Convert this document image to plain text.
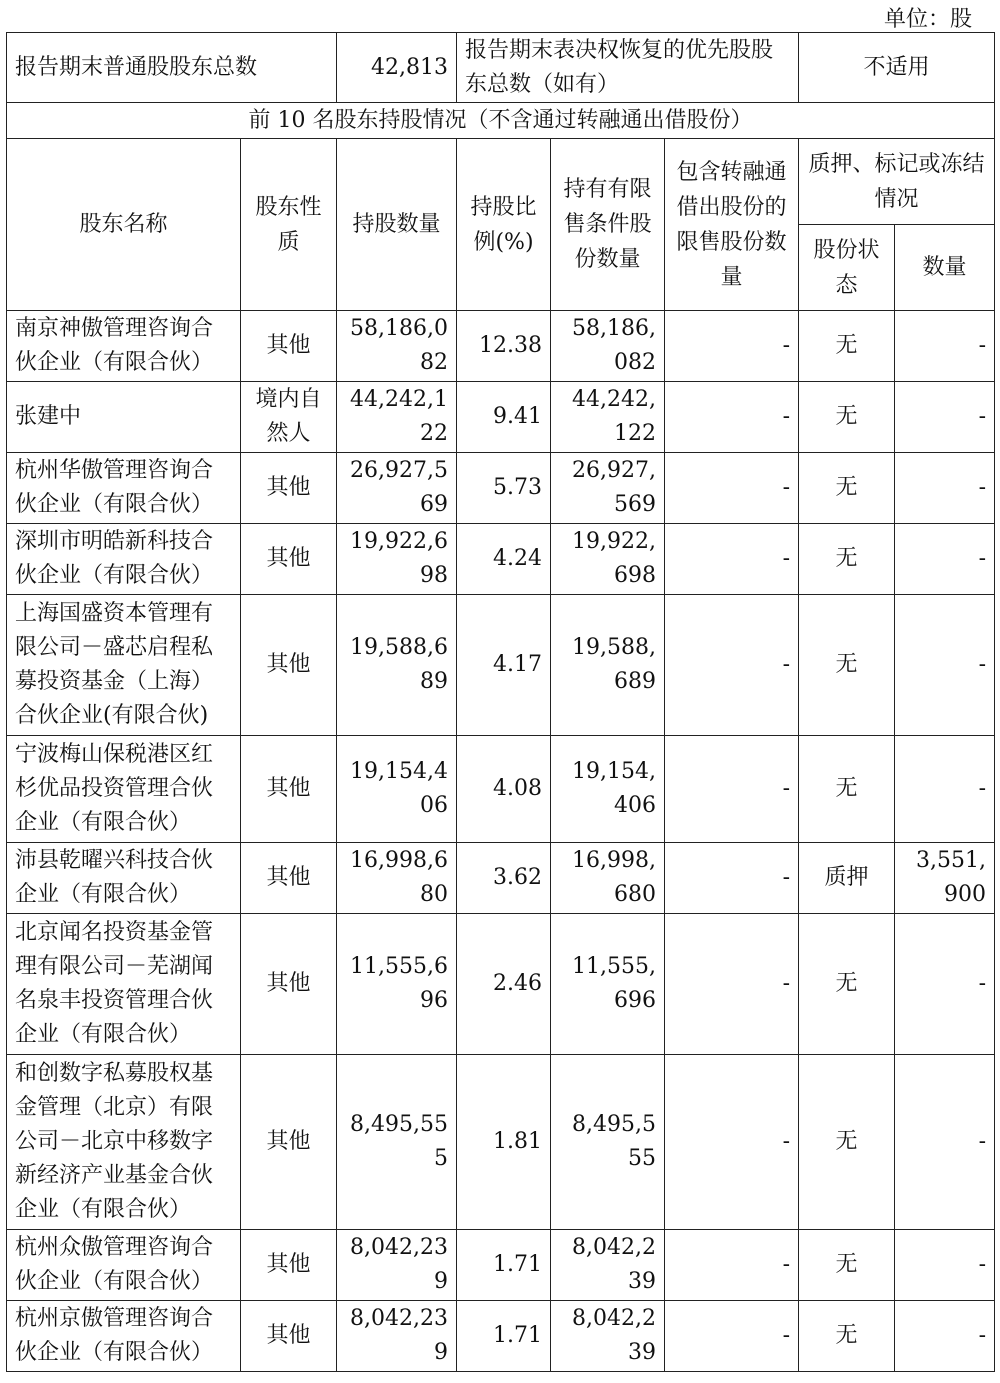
单位：股
报告期末普通股股东总数		42,813	报告期末表决权恢复的优先股股东总数（如有）			不适用	
前 10 名股东持股情况（不含通过转融通出借股份）							
股东名称	股东性质	持股数量	持股比例(%)	持有有限售条件股份数量	包含转融通借出股份的限售股份数量	质押、标记或冻结情况	
						股份状态	数量
南京神傲管理咨询合伙企业（有限合伙）	其他	58,186,082	12.38	58,186,082	-	无	-
张建中	境内自然人	44,242,122	9.41	44,242,122	-	无	-
杭州华傲管理咨询合伙企业（有限合伙）	其他	26,927,569	5.73	26,927,569	-	无	-
深圳市明皓新科技合伙企业（有限合伙）	其他	19,922,698	4.24	19,922,698	-	无	-
上海国盛资本管理有限公司－盛芯启程私募投资基金（上海）合伙企业(有限合伙)	其他	19,588,689	4.17	19,588,689	-	无	-
宁波梅山保税港区红杉优品投资管理合伙企业（有限合伙）	其他	19,154,406	4.08	19,154,406	-	无	-
沛县乾曜兴科技合伙企业（有限合伙）	其他	16,998,680	3.62	16,998,680	-	质押	3,551,900
北京闻名投资基金管理有限公司－芜湖闻名泉丰投资管理合伙企业（有限合伙）	其他	11,555,696	2.46	11,555,696	-	无	-
和创数字私募股权基金管理（北京）有限公司－北京中移数字新经济产业基金合伙企业（有限合伙）	其他	8,495,555	1.81	8,495,555	-	无	-
杭州众傲管理咨询合伙企业（有限合伙）	其他	8,042,239	1.71	8,042,239	-	无	-
杭州京傲管理咨询合伙企业（有限合伙）	其他	8,042,239	1.71	8,042,239	-	无	-
